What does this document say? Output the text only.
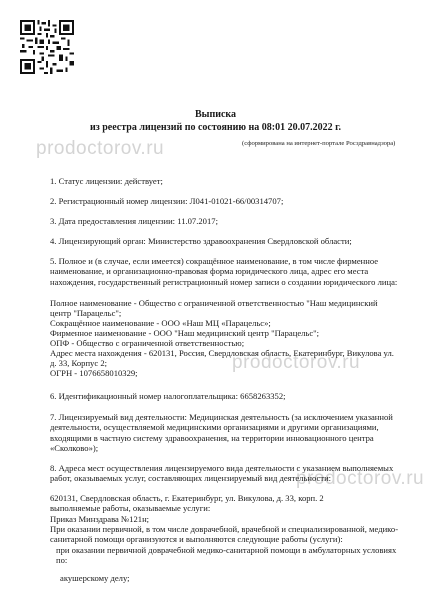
prodoctorov.ru
prodoctorov.ru
prodoctorov.ru
Выписка
из реестра лицензий по состоянию на 08:01 20.07.2022 г.
(сформирована на интернет-портале Росздравнадзора)
1. Статус лицензии: действует;
2. Регистрационный номер лицензии: Л041-01021-66/00314707;
3. Дата предоставления лицензии: 11.07.2017;
4. Лицензирующий орган: Министерство здравоохранения Свердловской области;
5. Полное и (в случае, если имеется) сокращённое наименование, в том числе фирменное наименование, и организационно-правовая форма юридического лица, адрес его места нахождения, государственный регистрационный номер записи о создании юридического лица:
Полное наименование - Общество с ограниченной ответственностью "Наш медицинский центр "Парацельс";
Сокращённое наименование - ООО «Наш МЦ «Парацельс»;
Фирменное наименование - ООО "Наш медицинский центр "Парацельс";
ОПФ - Общество с ограниченной ответственностью;
Адрес места нахождения - 620131, Россия, Свердловская область, Екатеринбург, Викулова ул. д. 33, Корпус 2;
ОГРН - 1076658010329;
6. Идентификационный номер налогоплательщика: 6658263352;
7. Лицензируемый вид деятельности: Медицинская деятельность (за исключением указанной деятельности, осуществляемой медицинскими организациями и другими организациями, входящими в частную систему здравоохранения, на территории инновационного центра «Сколково»);
8. Адреса мест осуществления лицензируемого вида деятельности с указанием выполняемых работ, оказываемых услуг, составляющих лицензируемый вид деятельности:
620131, Свердловская область, г. Екатеринбург, ул. Викулова, д. 33, корп. 2
выполняемые работы, оказываемые услуги:
Приказ Минздрава №121н;
При оказании первичной, в том числе доврачебной, врачебной и специализированной, медико-санитарной помощи организуются и выполняются следующие работы (услуги):
при оказании первичной доврачебной медико-санитарной помощи в амбулаторных условиях по:
акушерскому делу;
